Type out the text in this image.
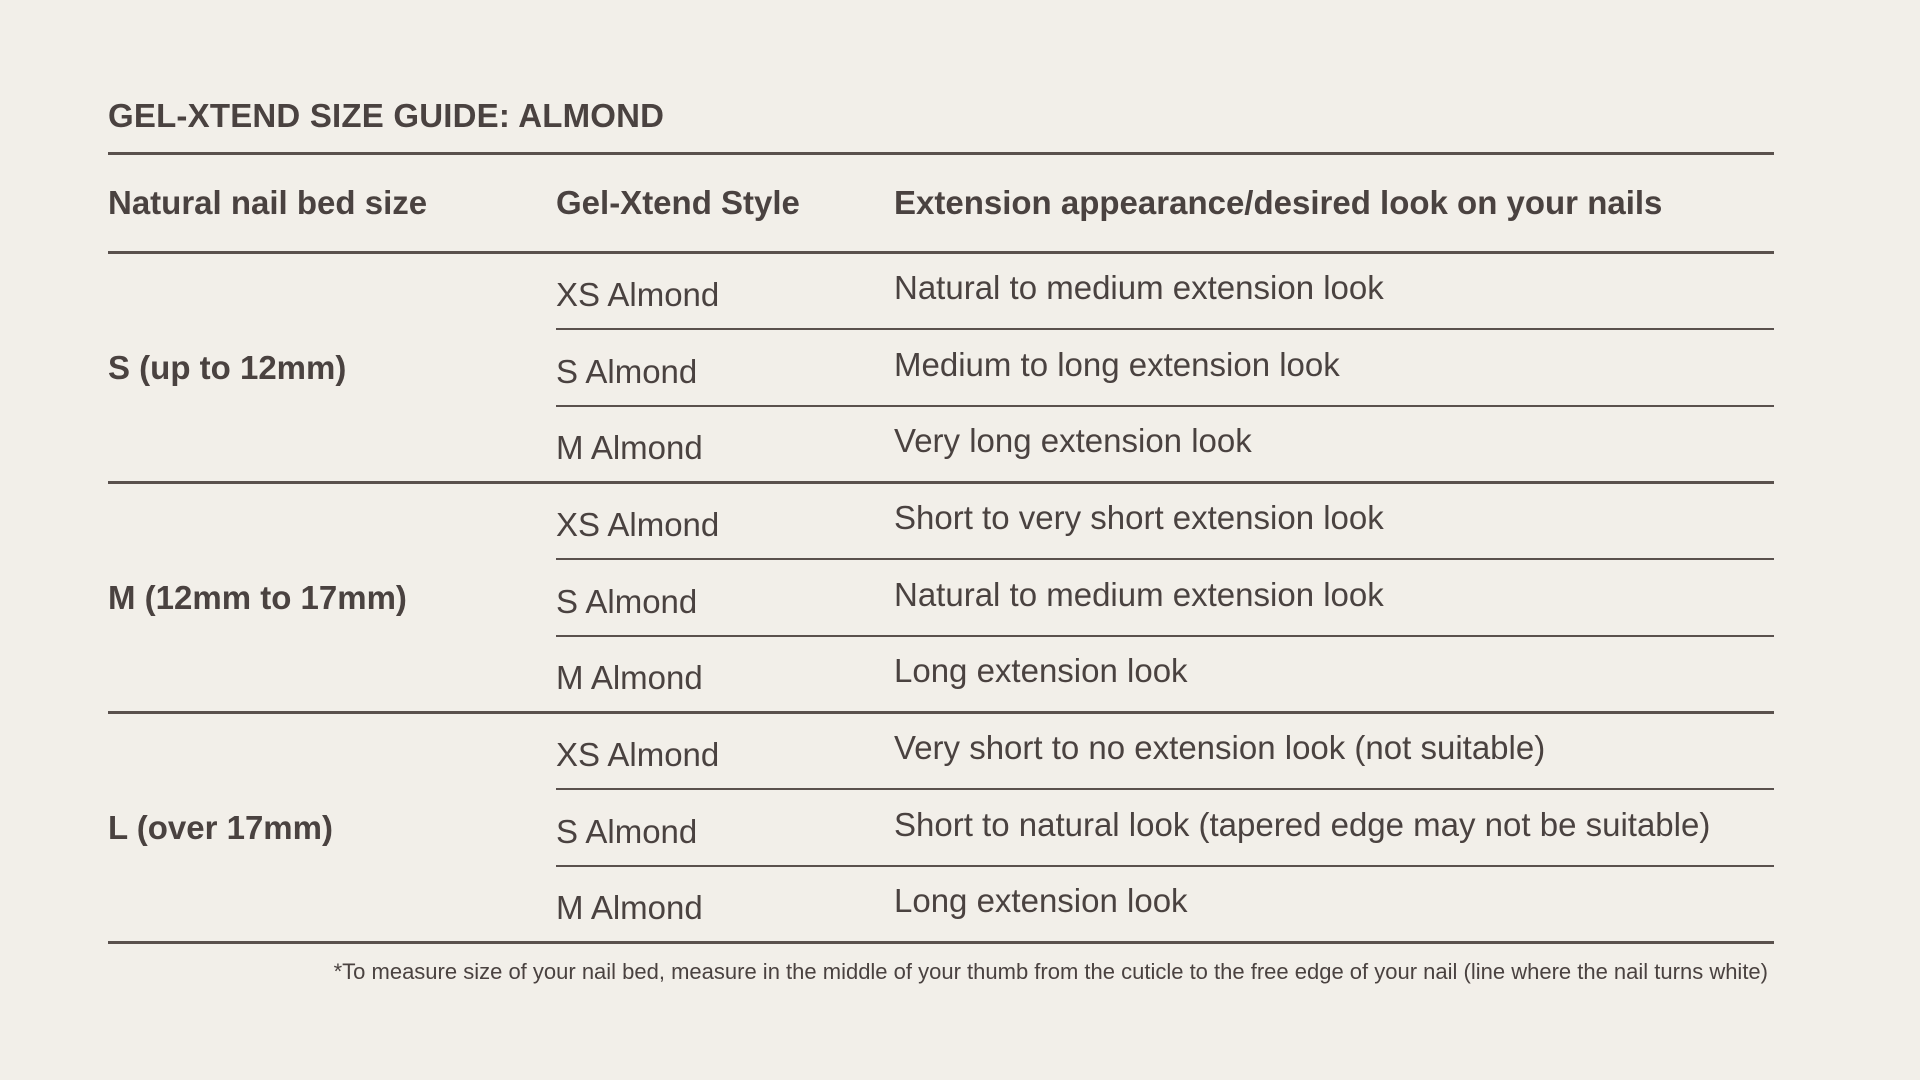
GEL-XTEND SIZE GUIDE: ALMOND
Natural nail bed size	Gel-Xtend Style	Extension appearance/desired look on your nails
S (up to 12mm)
XS Almond	Natural to medium extension look
S Almond	Medium to long extension look
M Almond	Very long extension look
M (12mm to 17mm)
XS Almond	Short to very short extension look
S Almond	Natural to medium extension look
M Almond	Long extension look
L (over 17mm)
XS Almond	Very short to no extension look (not suitable)
S Almond	Short to natural look (tapered edge may not be suitable)
M Almond	Long extension look
*To measure size of your nail bed, measure in the middle of your thumb from the cuticle to the free edge of your nail (line where the nail turns white)
